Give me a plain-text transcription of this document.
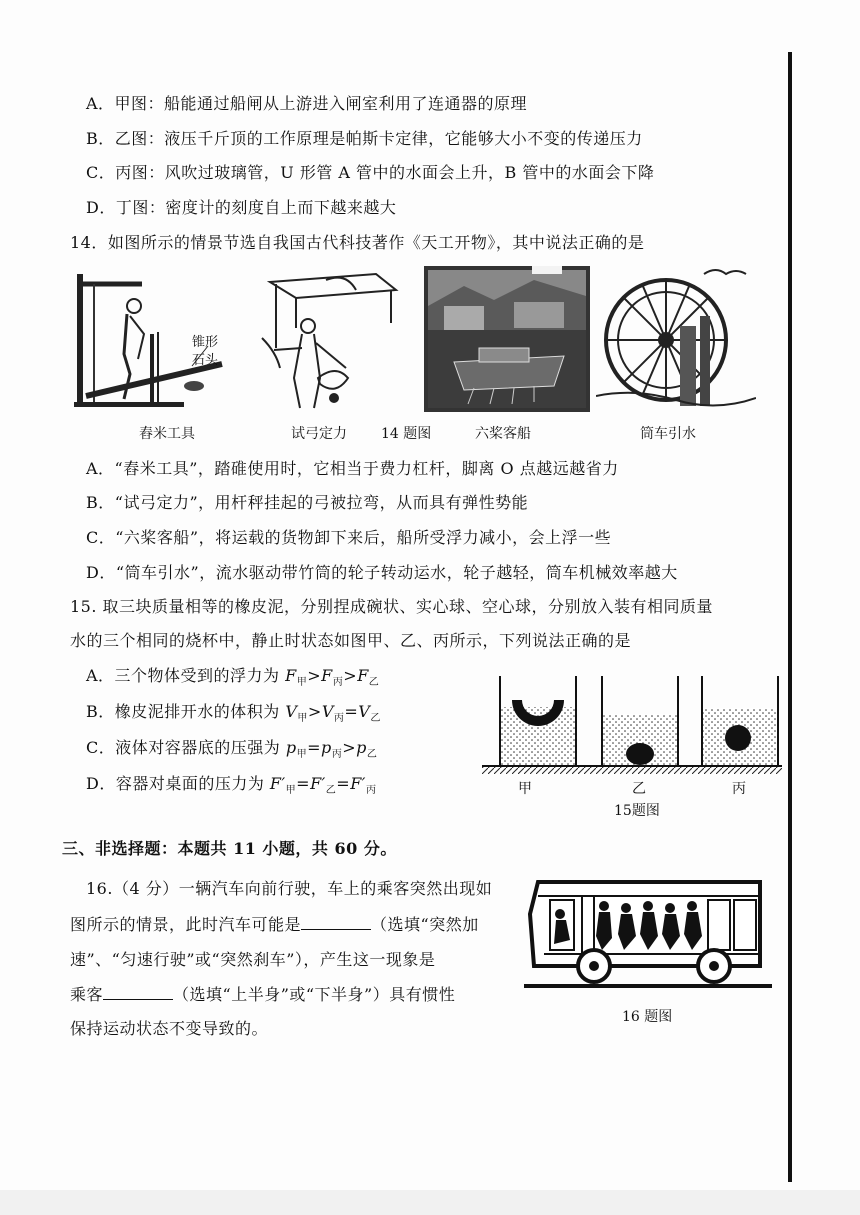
A．甲图：船能通过船闸从上游进入闸室利用了连通器的原理
B．乙图：液压千斤顶的工作原理是帕斯卡定律，它能够大小不变的传递压力
C．丙图：风吹过玻璃管，U 形管 A 管中的水面会上升，B 管中的水面会下降
D．丁图：密度计的刻度自上而下越来越大
14．如图所示的情景节选自我国古代科技著作《天工开物》，其中说法正确的是
锥形
石头
舂米工具	试弓定力 14 题图	六桨客船	筒车引水
A．“舂米工具”，踏碓使用时，它相当于费力杠杆，脚离 O 点越远越省力
B．“试弓定力”，用杆秤挂起的弓被拉弯，从而具有弹性势能
C．“六桨客船”，将运载的货物卸下来后，船所受浮力减小，会上浮一些
D．“筒车引水”，流水驱动带竹筒的轮子转动运水，轮子越轻，筒车机械效率越大
15. 取三块质量相等的橡皮泥，分别捏成碗状、实心球、空心球，分别放入装有相同质量
水的三个相同的烧杯中，静止时状态如图甲、乙、丙所示，下列说法正确的是
A．三个物体受到的浮力为 $F_甲>F_丙>F_乙$
B．橡皮泥排开水的体积为 $V_甲>V_丙=V_乙$
C．液体对容器底的压强为 $p_甲=p_丙>p_乙$
D．容器对桌面的压力为 $F'_甲=F'_乙=F'_丙$	甲	乙	丙
15题图
三、非选择题：本题共 11 小题，共 60 分。
16.（4 分）一辆汽车向前行驶，车上的乘客突然出现如
图所示的情景，此时汽车可能是	（选填“突然加
速”、“匀速行驶”或“突然刹车”），产生这一现象是
乘客	（选填“上半身”或“下半身”）具有惯性
保持运动状态不变导致的。
16 题图
